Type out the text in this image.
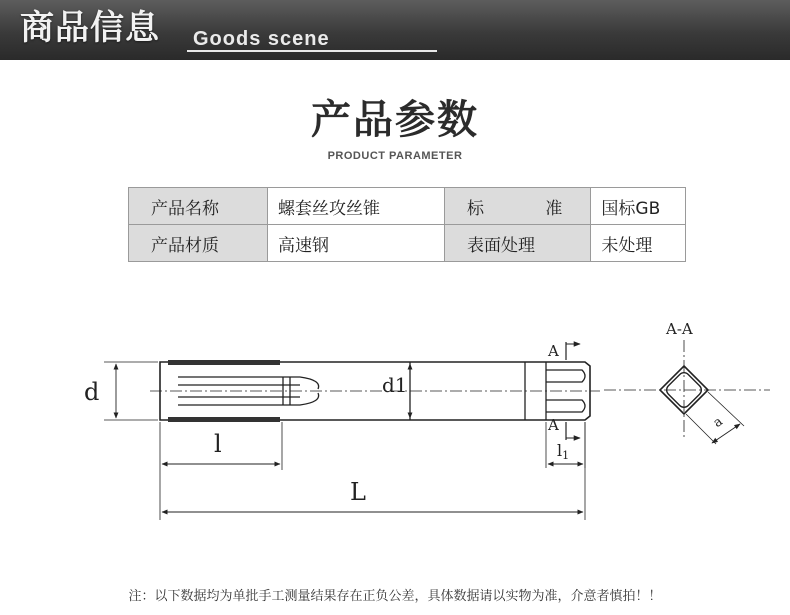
商品信息 Goods scene
产品参数
PRODUCT PARAMETER
产品名称	螺套丝攻丝锥	标 准	国标GB
产品材质	高速钢	表面处理	未处理
d	d1
l
L
l1
A
A
A-A
a
注：以下数据均为单批手工测量结果存在正负公差，具体数据请以实物为准，介意者慎拍！！
